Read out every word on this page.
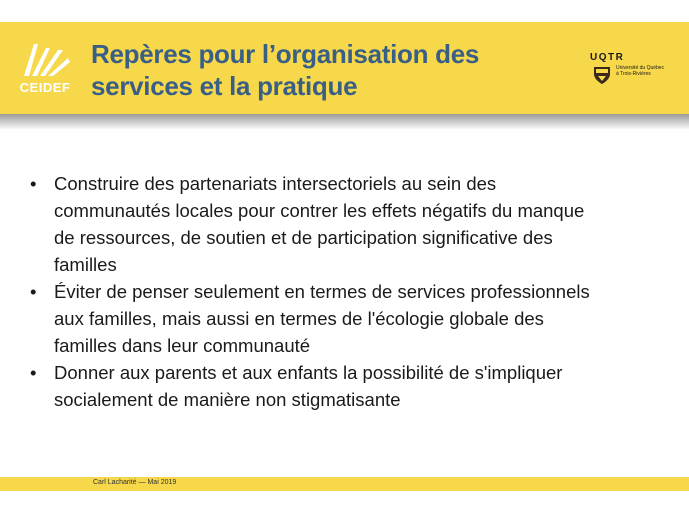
CEIDEF
Repères pour l’organisation des
services et la pratique
UQTR
Université du Québec
à Trois-Rivières
• Construire des partenariats intersectoriels au sein des
communautés locales pour contrer les effets négatifs du manque
de ressources, de soutien et de participation significative des
familles
• Éviter de penser seulement en termes de services professionnels
aux familles, mais aussi en termes de l'écologie globale des
familles dans leur communauté
• Donner aux parents et aux enfants la possibilité de s'impliquer
socialement de manière non stigmatisante
Carl Lacharité — Mai 2019
